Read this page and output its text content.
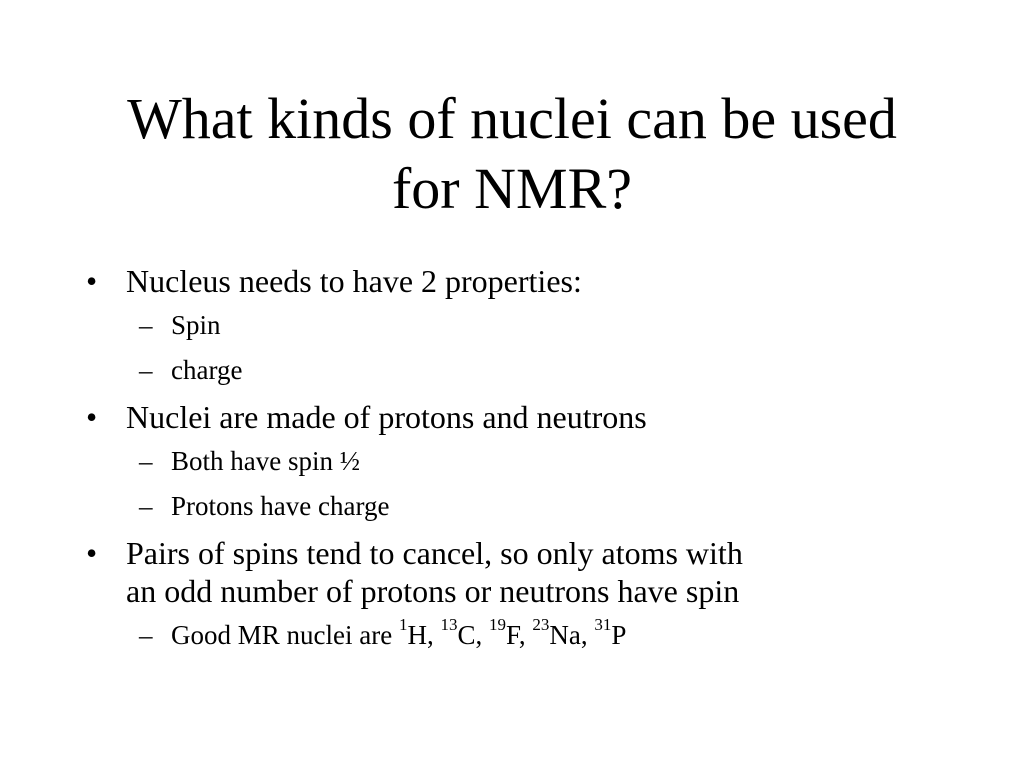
What kinds of nuclei can be used
for NMR?
• Nucleus needs to have 2 properties:
– Spin
– charge
• Nuclei are made of protons and neutrons
– Both have spin ½
– Protons have charge
• Pairs of spins tend to cancel, so only atoms with
an odd number of protons or neutrons have spin
– Good MR nuclei are $^1$H, $^{13}$C, $^{19}$F, $^{23}$Na, $^{31}$P
